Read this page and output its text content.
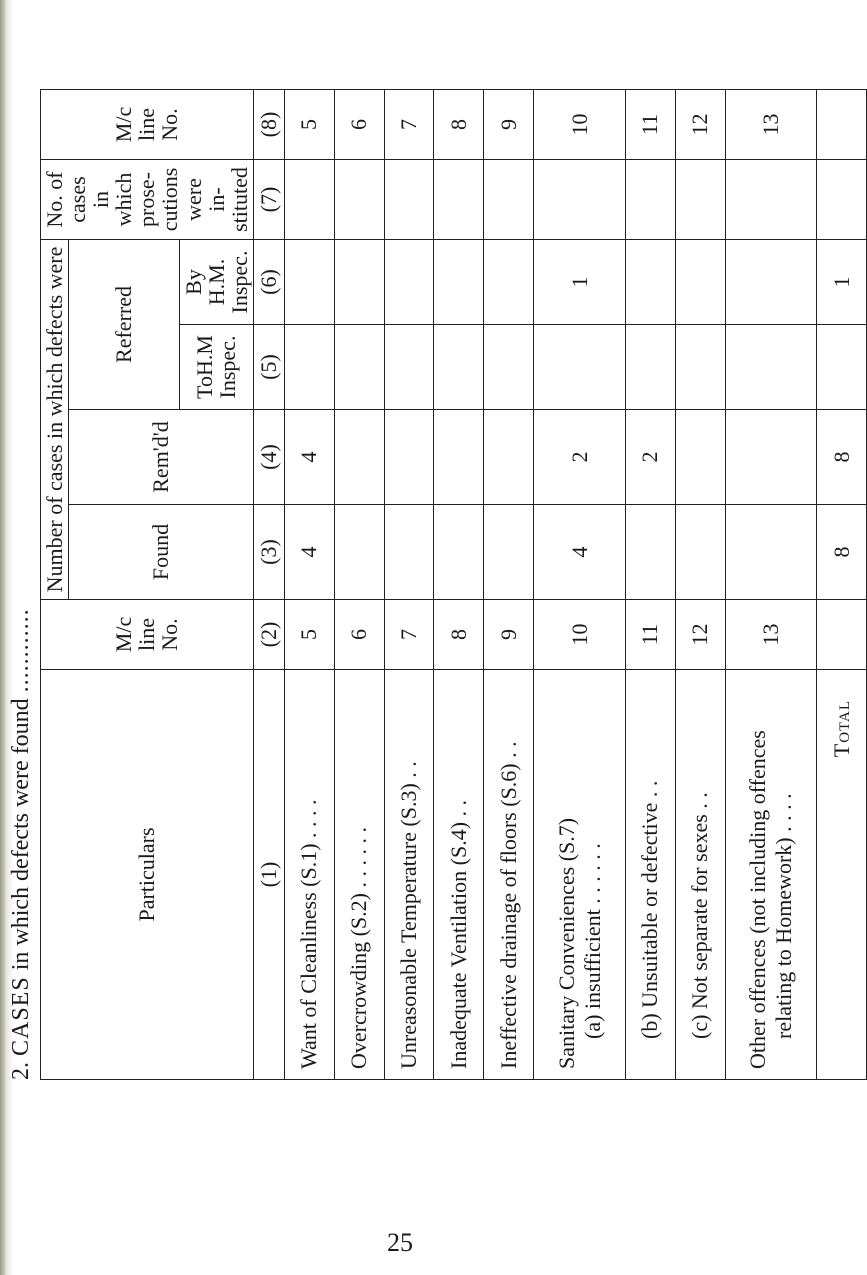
2. CASES in which defects were found ............
Particulars	M/c line No.	Number of cases in which defects were				No. of cases in which prose-cutions were in-stituted	M/c line No.
		Found	Rem'd'd	Referred			
				ToH.M Inspec.	By H.M. Inspec.		
(1)	(2)	(3)	(4)	(5)	(6)	(7)	(8)
Want of Cleanliness (S.1) . . . .	5	4	4				5
Overcrowding (S.2) . . . . . .	6						6
Unreasonable Temperature (S.3) . .	7						7
Inadequate Ventilation (S.4) . .	8						8
Ineffective drainage of floors (S.6) . .	9						9

Sanitary Conveniences (S.7) (a) insufficient . . . . . .	10	4	2		1		10
(b) Unsuitable or defective . .	11		2				11
(c) Not separate for sexes . .	12						12

Other offences (not including offences relating to Homework) . . . .	13						13
Total		8	8		1		
25
